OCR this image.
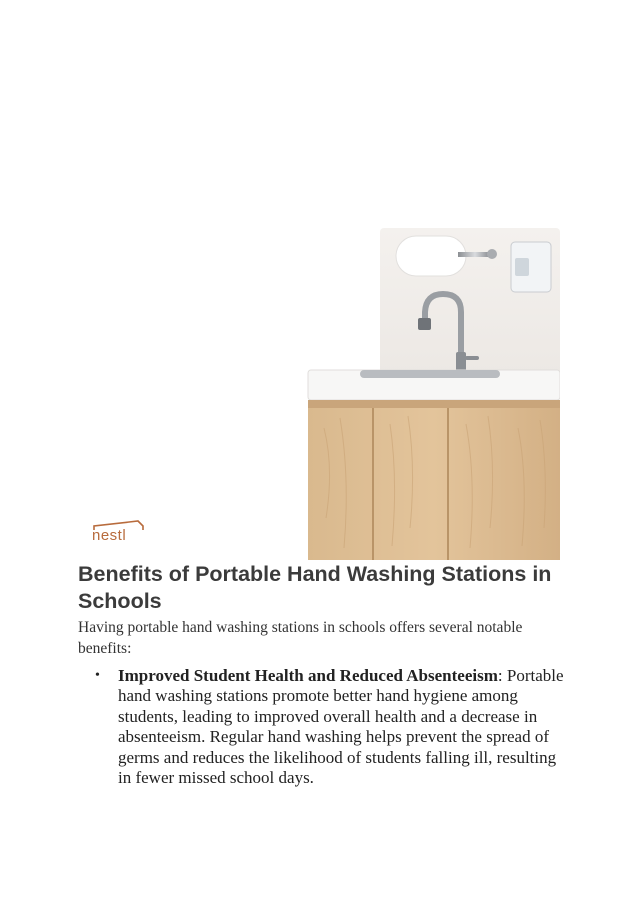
nestl
Benefits of Portable Hand Washing Stations in Schools

Having portable hand washing stations in schools offers several notable benefits:

• Improved Student Health and Reduced Absenteeism: Portable hand washing stations promote better hand hygiene among students, leading to improved overall health and a decrease in absenteeism. Regular hand washing helps prevent the spread of germs and reduces the likelihood of students falling ill, resulting in fewer missed school days.
